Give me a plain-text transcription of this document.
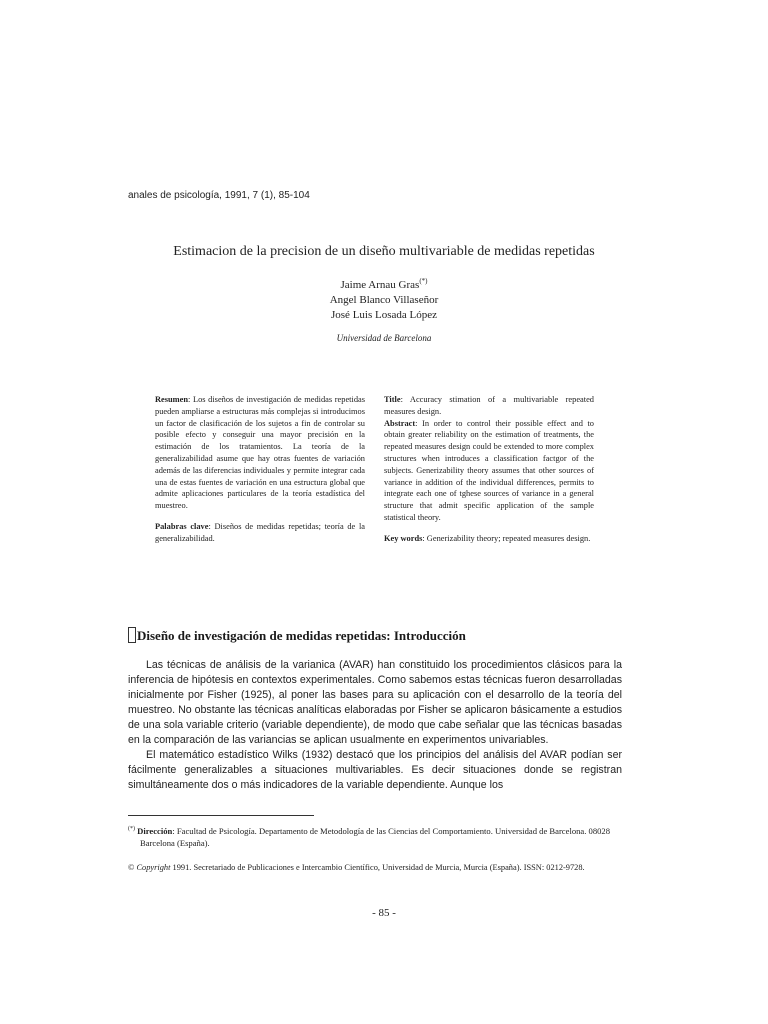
anales de psicología, 1991, 7 (1), 85-104
Estimacion de la precision de un diseño multivariable de medidas repetidas
Jaime Arnau Gras(*)
Angel Blanco Villaseñor
José Luis Losada López
Universidad de Barcelona

Resumen: Los diseños de investigación de medidas repetidas pueden ampliarse a estructuras más complejas si introducimos un factor de clasificación de los sujetos a fin de controlar su posible efecto y conseguir una mayor precisión en la estimación de los tratamientos. La teoría de la generalizabilidad asume que hay otras fuentes de variación además de las diferencias individuales y permite integrar cada una de estas fuentes de variación en una estructura global que admite aplicaciones particulares de la teoría estadística del muestreo.

Palabras clave: Diseños de medidas repetidas; teoría de la generalizabilidad.

Title: Accuracy stimation of a multivariable repeated measures design.

Abstract: In order to control their possible effect and to obtain greater reliability on the estimation of treatments, the repeated measures design could be extended to more complex structures when introduces a classification factgor of the subjects. Generizability theory assumes that other sources of variance in addition of the individual differences, permits to integrate each one of tghese sources of variance in a general structure that admit specific application of the sample statistical theory.

Key words: Generizability theory; repeated measures design.

Diseño de investigación de medidas repetidas: Introducción

Las técnicas de análisis de la varianica (AVAR) han constituido los procedimientos clásicos para la inferencia de hipótesis en contextos experimentales. Como sabemos estas técnicas fueron desarrolladas inicialmente por Fisher (1925), al poner las bases para su aplicación con el desarrollo de la teoría del muestreo. No obstante las técnicas analíticas elaboradas por Fisher se aplicaron básicamente a estudios de una sola variable criterio (variable dependiente), de modo que cabe señalar que las técnicas basadas en la comparación de las variancias se aplican usualmente en experimentos univariables.

El matemático estadístico Wilks (1932) destacó que los principios del análisis del AVAR podían ser fácilmente generalizables a situaciones multivariables. Es decir situaciones donde se registran simultáneamente dos o más indicadores de la variable dependiente. Aunque los

(*) Dirección: Facultad de Psicología. Departamento de Metodología de las Ciencias del Comportamiento. Universidad de Barcelona. 08028 Barcelona (España).
© Copyright 1991. Secretariado de Publicaciones e Intercambio Científico, Universidad de Murcia, Murcia (España). ISSN: 0212-9728.
- 85 -
